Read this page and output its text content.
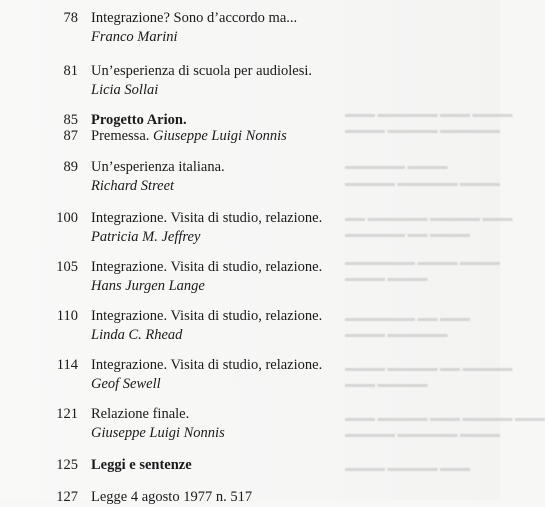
▬▬▬ ▬▬▬▬▬▬ ▬▬▬ ▬▬▬▬
▬▬▬▬ ▬▬▬▬▬ ▬▬▬▬▬▬
▬▬▬▬▬▬ ▬▬▬▬
▬▬▬▬▬ ▬▬▬▬▬▬ ▬▬▬▬
▬▬ ▬▬▬▬▬▬ ▬▬▬▬▬ ▬▬▬
▬▬▬▬▬▬ ▬▬ ▬▬▬▬
▬▬▬▬▬▬▬ ▬▬▬▬ ▬▬▬▬
▬▬▬▬ ▬▬▬▬
▬▬▬▬▬▬▬ ▬▬ ▬▬▬
▬▬▬▬ ▬▬▬▬▬▬
▬▬▬▬ ▬▬▬▬▬ ▬▬ ▬▬▬▬▬
▬▬▬ ▬▬▬▬▬
▬▬▬ ▬▬▬▬▬ ▬▬▬ ▬▬▬▬▬ ▬▬▬
▬▬▬▬▬ ▬▬▬▬▬▬ ▬▬▬▬
▬▬▬▬ ▬▬▬▬▬ ▬▬▬
78 Integrazione? Sono d’accordo ma...
Franco Marini
81 Un’esperienza di scuola per audiolesi.
Licia Sollai
85 Progetto Arion.
87 Premessa. Giuseppe Luigi Nonnis
89 Un’esperienza italiana.
Richard Street
100 Integrazione. Visita di studio, relazione.
Patricia M. Jeffrey
105 Integrazione. Visita di studio, relazione.
Hans Jurgen Lange
110 Integrazione. Visita di studio, relazione.
Linda C. Rhead
114 Integrazione. Visita di studio, relazione.
Geof Sewell
121 Relazione finale.
Giuseppe Luigi Nonnis
125 Leggi e sentenze
127 Legge 4 agosto 1977 n. 517
